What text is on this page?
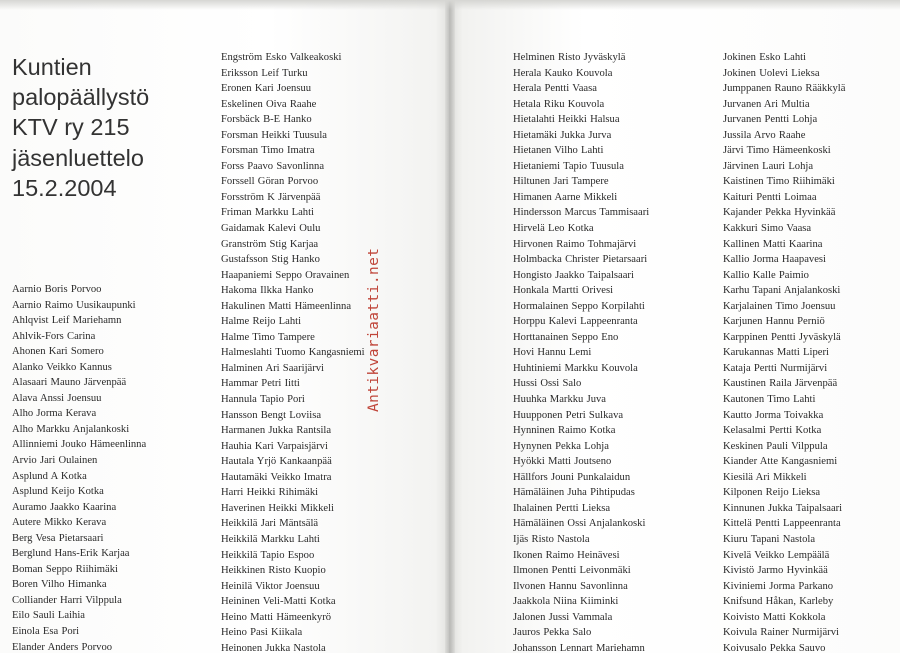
Kuntien
palopäällystö
KTV ry 215
jäsenluettelo
15.2.2004
Aarnio Boris Porvoo
Aarnio Raimo Uusikaupunki
Ahlqvist Leif Mariehamn
Ahlvik-Fors Carina
Ahonen Kari Somero
Alanko Veikko Kannus
Alasaari Mauno Järvenpää
Alava Anssi Joensuu
Alho Jorma Kerava
Alho Markku Anjalankoski
Allinniemi Jouko Hämeenlinna
Arvio Jari Oulainen
Asplund A Kotka
Asplund Keijo Kotka
Auramo Jaakko Kaarina
Autere Mikko Kerava
Berg Vesa Pietarsaari
Berglund Hans-Erik Karjaa
Boman Seppo Riihimäki
Boren Vilho Himanka
Colliander Harri Vilppula
Eilo Sauli Laihia
Einola Esa Pori
Elander Anders Porvoo
Engström Esko Valkeakoski
Eriksson Leif Turku
Eronen Kari Joensuu
Eskelinen Oiva Raahe
Forsbäck B-E Hanko
Forsman Heikki Tuusula
Forsman Timo Imatra
Forss Paavo Savonlinna
Forssell Göran Porvoo
Forsström K Järvenpää
Friman Markku Lahti
Gaidamak Kalevi Oulu
Granström Stig Karjaa
Gustafsson Stig Hanko
Haapaniemi Seppo Oravainen
Hakoma Ilkka Hanko
Hakulinen Matti Hämeenlinna
Halme Reijo Lahti
Halme Timo Tampere
Halmeslahti Tuomo Kangasniemi
Halminen Ari Saarijärvi
Hammar Petri Iitti
Hannula Tapio Pori
Hansson Bengt Loviisa
Harmanen Jukka Rantsila
Hauhia Kari Varpaisjärvi
Hautala Yrjö Kankaanpää
Hautamäki Veikko Imatra
Harri Heikki Rihimäki
Haverinen Heikki Mikkeli
Heikkilä Jari Mäntsälä
Heikkilä Markku Lahti
Heikkilä Tapio Espoo
Heikkinen Risto Kuopio
Heinilä Viktor Joensuu
Heininen Veli-Matti Kotka
Heino Matti Hämeenkyrö
Heino Pasi Kiikala
Heinonen Jukka Nastola
Helminen Risto Jyväskylä
Herala Kauko Kouvola
Herala Pentti Vaasa
Hetala Riku Kouvola
Hietalahti Heikki Halsua
Hietamäki Jukka Jurva
Hietanen Vilho Lahti
Hietaniemi Tapio Tuusula
Hiltunen Jari Tampere
Himanen Aarne Mikkeli
Hindersson Marcus Tammisaari
Hirvelä Leo Kotka
Hirvonen Raimo Tohmajärvi
Holmbacka Christer Pietarsaari
Hongisto Jaakko Taipalsaari
Honkala Martti Orivesi
Hormalainen Seppo Korpilahti
Horppu Kalevi Lappeenranta
Horttanainen Seppo Eno
Hovi Hannu Lemi
Huhtiniemi Markku Kouvola
Hussi Ossi Salo
Huuhka Markku Juva
Huupponen Petri Sulkava
Hynninen Raimo Kotka
Hynynen Pekka Lohja
Hyökki Matti Joutseno
Hällfors Jouni Punkalaidun
Hämäläinen Juha Pihtipudas
Ihalainen Pertti Lieksa
Hämäläinen Ossi Anjalankoski
Ijäs Risto Nastola
Ikonen Raimo Heinävesi
Ilmonen Pentti Leivonmäki
Ilvonen Hannu Savonlinna
Jaakkola Niina Kiiminki
Jalonen Jussi Vammala
Jauros Pekka Salo
Johansson Lennart Mariehamn
Jokinen Esko Lahti
Jokinen Uolevi Lieksa
Jumppanen Rauno Rääkkylä
Jurvanen Ari Multia
Jurvanen Pentti Lohja
Jussila Arvo Raahe
Järvi Timo Hämeenkoski
Järvinen Lauri Lohja
Kaistinen Timo Riihimäki
Kaituri Pentti Loimaa
Kajander Pekka Hyvinkää
Kakkuri Simo Vaasa
Kallinen Matti Kaarina
Kallio Jorma Haapavesi
Kallio Kalle Paimio
Karhu Tapani Anjalankoski
Karjalainen Timo Joensuu
Karjunen Hannu Perniö
Karppinen Pentti Jyväskylä
Karukannas Matti Liperi
Kataja Pertti Nurmijärvi
Kaustinen Raila Järvenpää
Kautonen Timo Lahti
Kautto Jorma Toivakka
Kelasalmi Pertti Kotka
Keskinen Pauli Vilppula
Kiander Atte Kangasniemi
Kiesilä Ari Mikkeli
Kilponen Reijo Lieksa
Kinnunen Jukka Taipalsaari
Kittelä Pentti Lappeenranta
Kiuru Tapani Nastola
Kivelä Veikko Lempäälä
Kivistö Jarmo Hyvinkää
Kiviniemi Jorma Parkano
Knifsund Håkan, Karleby
Koivisto Matti Kokkola
Koivula Rainer Nurmijärvi
Koivusalo Pekka Sauvo

Antikvariaatti.net
